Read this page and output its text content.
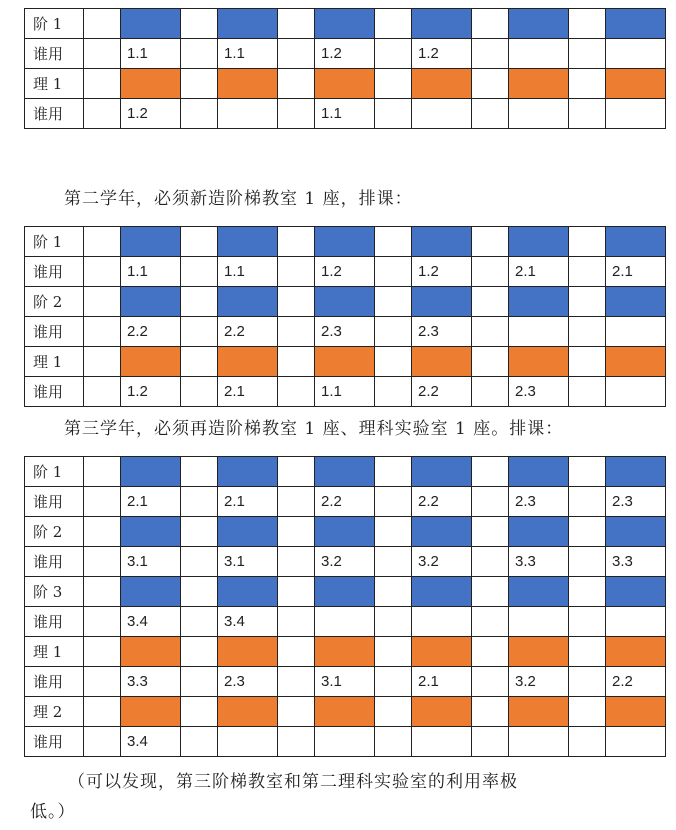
阶 1												
谁用		1.1		1.1		1.2		1.2				
理 1												
谁用		1.2				1.1						
第二学年，必须新造阶梯教室 1 座，排课：
阶 1												
谁用		1.1		1.1		1.2		1.2		2.1		2.1
阶 2												
谁用		2.2		2.2		2.3		2.3				
理 1												
谁用		1.2		2.1		1.1		2.2		2.3		
第三学年，必须再造阶梯教室 1 座、理科实验室 1 座。排课：
阶 1												
谁用		2.1		2.1		2.2		2.2		2.3		2.3
阶 2												
谁用		3.1		3.1		3.2		3.2		3.3		3.3
阶 3												
谁用		3.4		3.4								
理 1												
谁用		3.3		2.3		3.1		2.1		3.2		2.2
理 2												
谁用		3.4										
（可以发现，第三阶梯教室和第二理科实验室的利用率极
低。）
